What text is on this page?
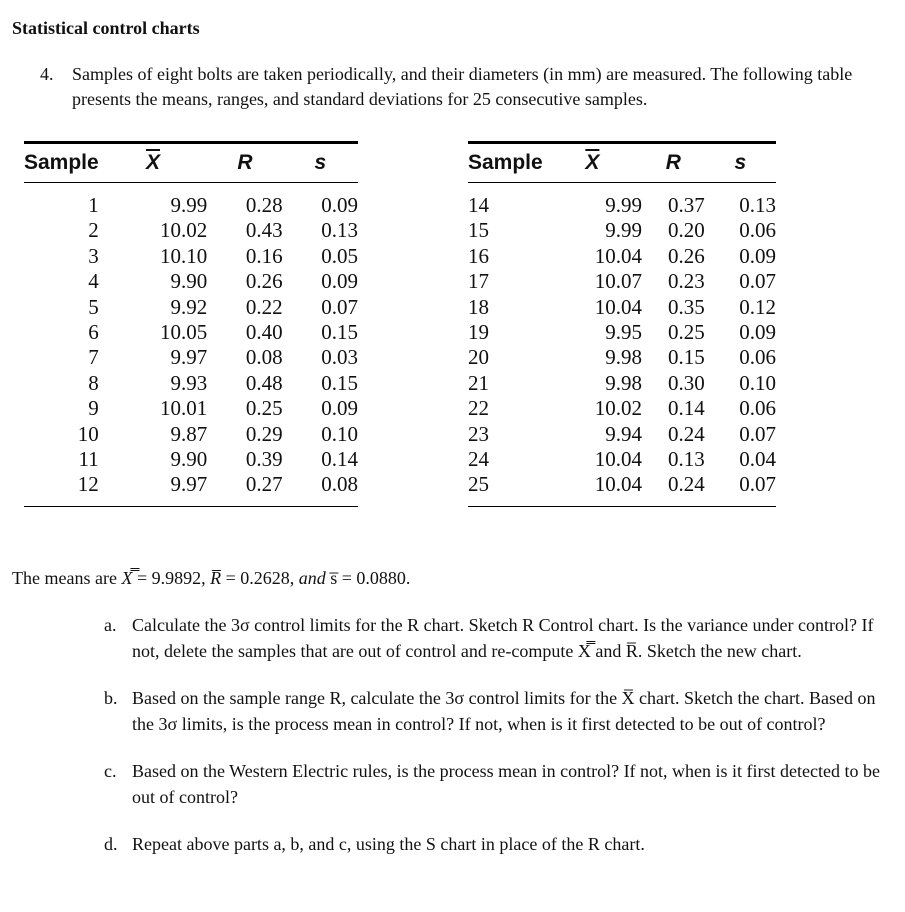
Statistical control charts
4. Samples of eight bolts are taken periodically, and their diameters (in mm) are measured. The following table presents the means, ranges, and standard deviations for 25 consecutive samples.
Sample	$\overline{X}$	R	s
1	9.99	0.28	0.09
2	10.02	0.43	0.13
3	10.10	0.16	0.05
4	9.90	0.26	0.09
5	9.92	0.22	0.07
6	10.05	0.40	0.15
7	9.97	0.08	0.03
8	9.93	0.48	0.15
9	10.01	0.25	0.09
10	9.87	0.29	0.10
11	9.90	0.39	0.14
12	9.97	0.27	0.08
Sample	$\overline{X}$	R	s
14	9.99	0.37	0.13
15	9.99	0.20	0.06
16	10.04	0.26	0.09
17	10.07	0.23	0.07
18	10.04	0.35	0.12
19	9.95	0.25	0.09
20	9.98	0.15	0.06
21	9.98	0.30	0.10
22	10.02	0.14	0.06
23	9.94	0.24	0.07
24	10.04	0.13	0.04
25	10.04	0.24	0.07
The means are X̿ = 9.9892, R̅ = 0.2628, and s̅ = 0.0880.
a. Calculate the 3σ control limits for the R chart. Sketch R Control chart. Is the variance under control? If not, delete the samples that are out of control and re-compute X̿ and R̅. Sketch the new chart.
b. Based on the sample range R, calculate the 3σ control limits for the X̅ chart. Sketch the chart. Based on the 3σ limits, is the process mean in control? If not, when is it first detected to be out of control?
c. Based on the Western Electric rules, is the process mean in control? If not, when is it first detected to be out of control?
d. Repeat above parts a, b, and c, using the S chart in place of the R chart.
